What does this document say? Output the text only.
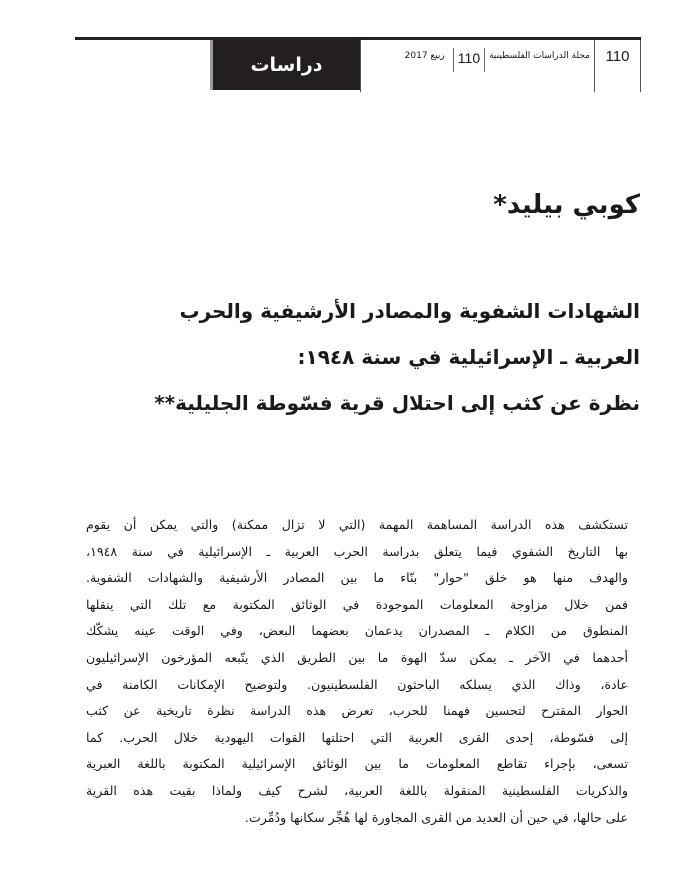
دراسات	110
مجلة الدراسات الفلسطينية
110
ربيع 2017
كوبي بيليد*
الشهادات الشفوية والمصادر الأرشيفية والحرب
العربية ـ الإسرائيلية في سنة ١٩٤٨:
نظرة عن كثب إلى احتلال قرية فسّوطة الجليلية**
تستكشف هذه الدراسة المساهمة المهمة (التي لا تزال ممكنة) والتي يمكن أن يقوم
بها التاريخ الشفوي فيما يتعلق بدراسة الحرب العربية ـ الإسرائيلية في سنة ١٩٤٨،
والهدف منها هو خلق "حوار" بنّاء ما بين المصادر الأرشيفية والشهادات الشفوية.
فمن خلال مزاوجة المعلومات الموجودة في الوثائق المكتوبة مع تلك التي ينقلها
المنطوق من الكلام ـ المصدران يدعمان بعضهما البعض، وفي الوقت عينه يشكّك
أحدهما في الآخر ـ يمكن سدّ الهوة ما بين الطريق الذي يتّبعه المؤرخون الإسرائيليون
عادة، وذاك الذي يسلكه الباحثون الفلسطينيون. ولتوضيح الإمكانات الكامنة في
الحوار المقترح لتحسين فهمنا للحرب، تعرض هذه الدراسة نظرة تاريخية عن كثب
إلى فسّوطة، إحدى القرى العربية التي احتلتها القوات اليهودية خلال الحرب. كما
تسعى، بإجراء تقاطع المعلومات ما بين الوثائق الإسرائيلية المكتوبة باللغة العبرية
والذكريات الفلسطينية المنقولة باللغة العربية، لشرح كيف ولماذا بقيت هذه القرية
على حالها، في حين أن العديد من القرى المجاورة لها هُجِّر سكانها ودُمِّرت.
